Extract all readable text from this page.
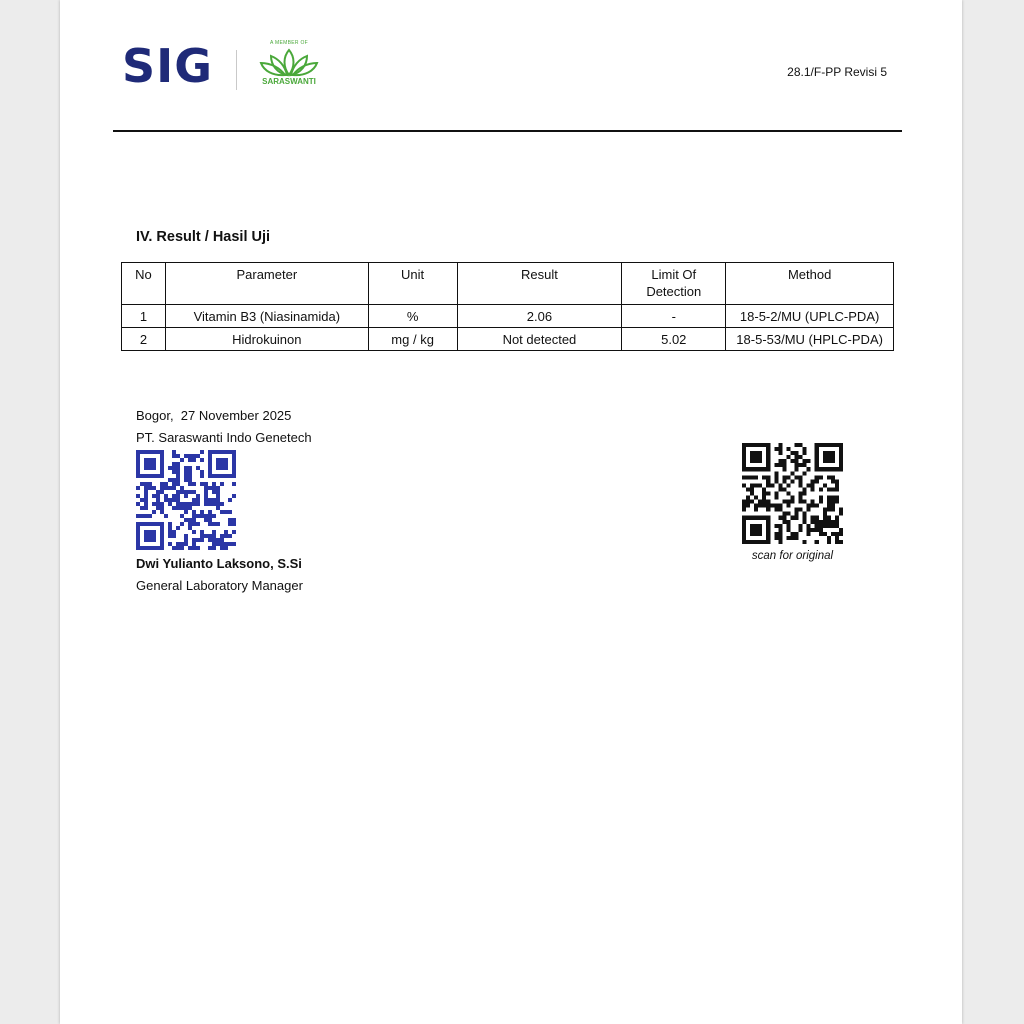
SIG	A MEMBER OF
SARASWANTI
28.1/F-PP Revisi 5
IV. Result / Hasil Uji
No	Parameter	Unit	Result	Limit Of Detection	Method
1	Vitamin B3 (Niasinamida)	%	2.06	-	18-5-2/MU (UPLC-PDA)
2	Hidrokuinon	mg / kg	Not detected	5.02	18-5-53/MU (HPLC-PDA)
Bogor,  27 November 2025
PT. Saraswanti Indo Genetech
Dwi Yulianto Laksono, S.Si
General Laboratory Manager
scan for original
